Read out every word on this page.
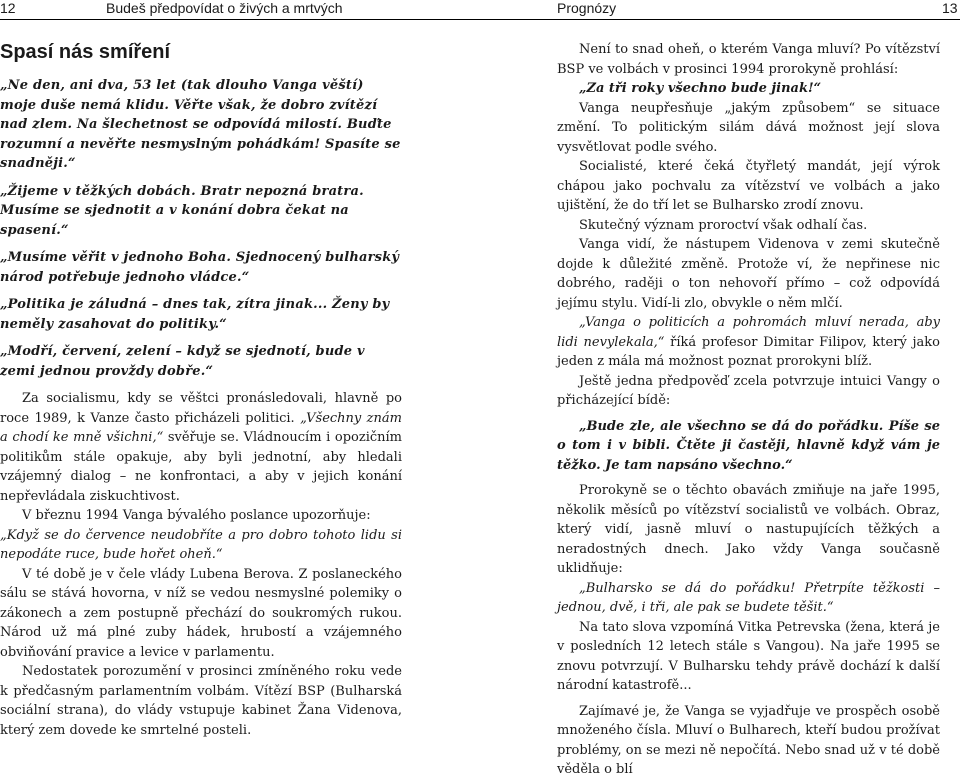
12	Budeš předpovídat o živých a mrtvých
Spasí nás smíření
„Ne den, ani dva, 53 let (tak dlouho Vanga věští) moje duše nemá klidu. Věřte však, že dobro zvítězí nad zlem. Na šlechetnost se odpovídá milostí. Buďte rozumní a nevěřte nesmyslným pohádkám! Spasíte se snadněji.“
„Žijeme v těžkých dobách. Bratr nepozná bratra. Musíme se sjednotit a v konání dobra čekat na spasení.“
„Musíme věřit v jednoho Boha. Sjednocený bulharský národ potřebuje jednoho vládce.“
„Politika je záludná – dnes tak, zítra jinak... Ženy by neměly zasahovat do politiky.“
„Modří, červení, zelení – když se sjednotí, bude v zemi jednou provždy dobře.“

Za socialismu, kdy se věštci pronásledovali, hlavně po roce 1989, k Vanze často přicházeli politici. „Všechny znám a chodí ke mně všichni,“ svěřuje se. Vládnoucím i opozičním politikům stále opakuje, aby byli jednotní, aby hledali vzájemný dialog – ne konfrontaci, a aby v jejich konání nepřevládala ziskuchtivost.

V březnu 1994 Vanga bývalého poslance upozorňuje:

„Když se do července neudobříte a pro dobro tohoto lidu si nepodáte ruce, bude hořet oheň.“

V té době je v čele vlády Lubena Berova. Z poslaneckého sálu se stává hovorna, v níž se vedou nesmyslné polemiky o zákonech a zem postupně přechází do soukromých rukou. Národ už má plné zuby hádek, hrubostí a vzájemného obviňování pravice a levice v parlamentu.

Nedostatek porozumění v prosinci zmíněného roku vede k předčasným parlamentním volbám. Vítězí BSP (Bulharská sociální strana), do vlády vstupuje kabinet Žana Videnova, který zem dovede ke smrtelné posteli.

Prognózy	13

Není to snad oheň, o kterém Vanga mluví? Po vítězství BSP ve volbách v prosinci 1994 prorokyně prohlásí:

„Za tři roky všechno bude jinak!“

Vanga neupřesňuje „jakým způsobem“ se situace změní. To politickým silám dává možnost její slova vysvětlovat podle svého.

Socialisté, které čeká čtyřletý mandát, její výrok chápou jako pochvalu za vítězství ve volbách a jako ujištění, že do tří let se Bulharsko zrodí znovu.

Skutečný význam proroctví však odhalí čas.

Vanga vidí, že nástupem Videnova v zemi skutečně dojde k důležité změně. Protože ví, že nepřinese nic dobrého, raději o ton nehovoří přímo – což odpovídá jejímu stylu. Vidí-li zlo, obvykle o něm mlčí.

„Vanga o politicích a pohromách mluví nerada, aby lidi nevylekala,“ říká profesor Dimitar Filipov, který jako jeden z mála má možnost poznat prorokyni blíž.

Ještě jedna předpověď zcela potvrzuje intuici Vangy o přicházející bídě:

„Bude zle, ale všechno se dá do pořádku. Píše se o tom i v bibli. Čtěte ji častěji, hlavně když vám je těžko. Je tam napsáno všechno.“

Prorokyně se o těchto obavách zmiňuje na jaře 1995, několik měsíců po vítězství socialistů ve volbách. Obraz, který vidí, jasně mluví o nastupujících těžkých a neradostných dnech. Jako vždy Vanga současně uklidňuje:

„Bulharsko se dá do pořádku! Přetrpíte těžkosti – jednou, dvě, i tři, ale pak se budete těšit.“

Na tato slova vzpomíná Vitka Petrevska (žena, která je v posledních 12 letech stále s Vangou). Na jaře 1995 se znovu potvrzují. V Bulharsku tehdy právě dochází k další národní katastrofě...

Zajímavé je, že Vanga se vyjadřuje ve prospěch osobě množeného čísla. Mluví o Bulharech, kteří budou prožívat problémy, on se mezi ně nepočítá. Nebo snad už v té době věděla o blí
